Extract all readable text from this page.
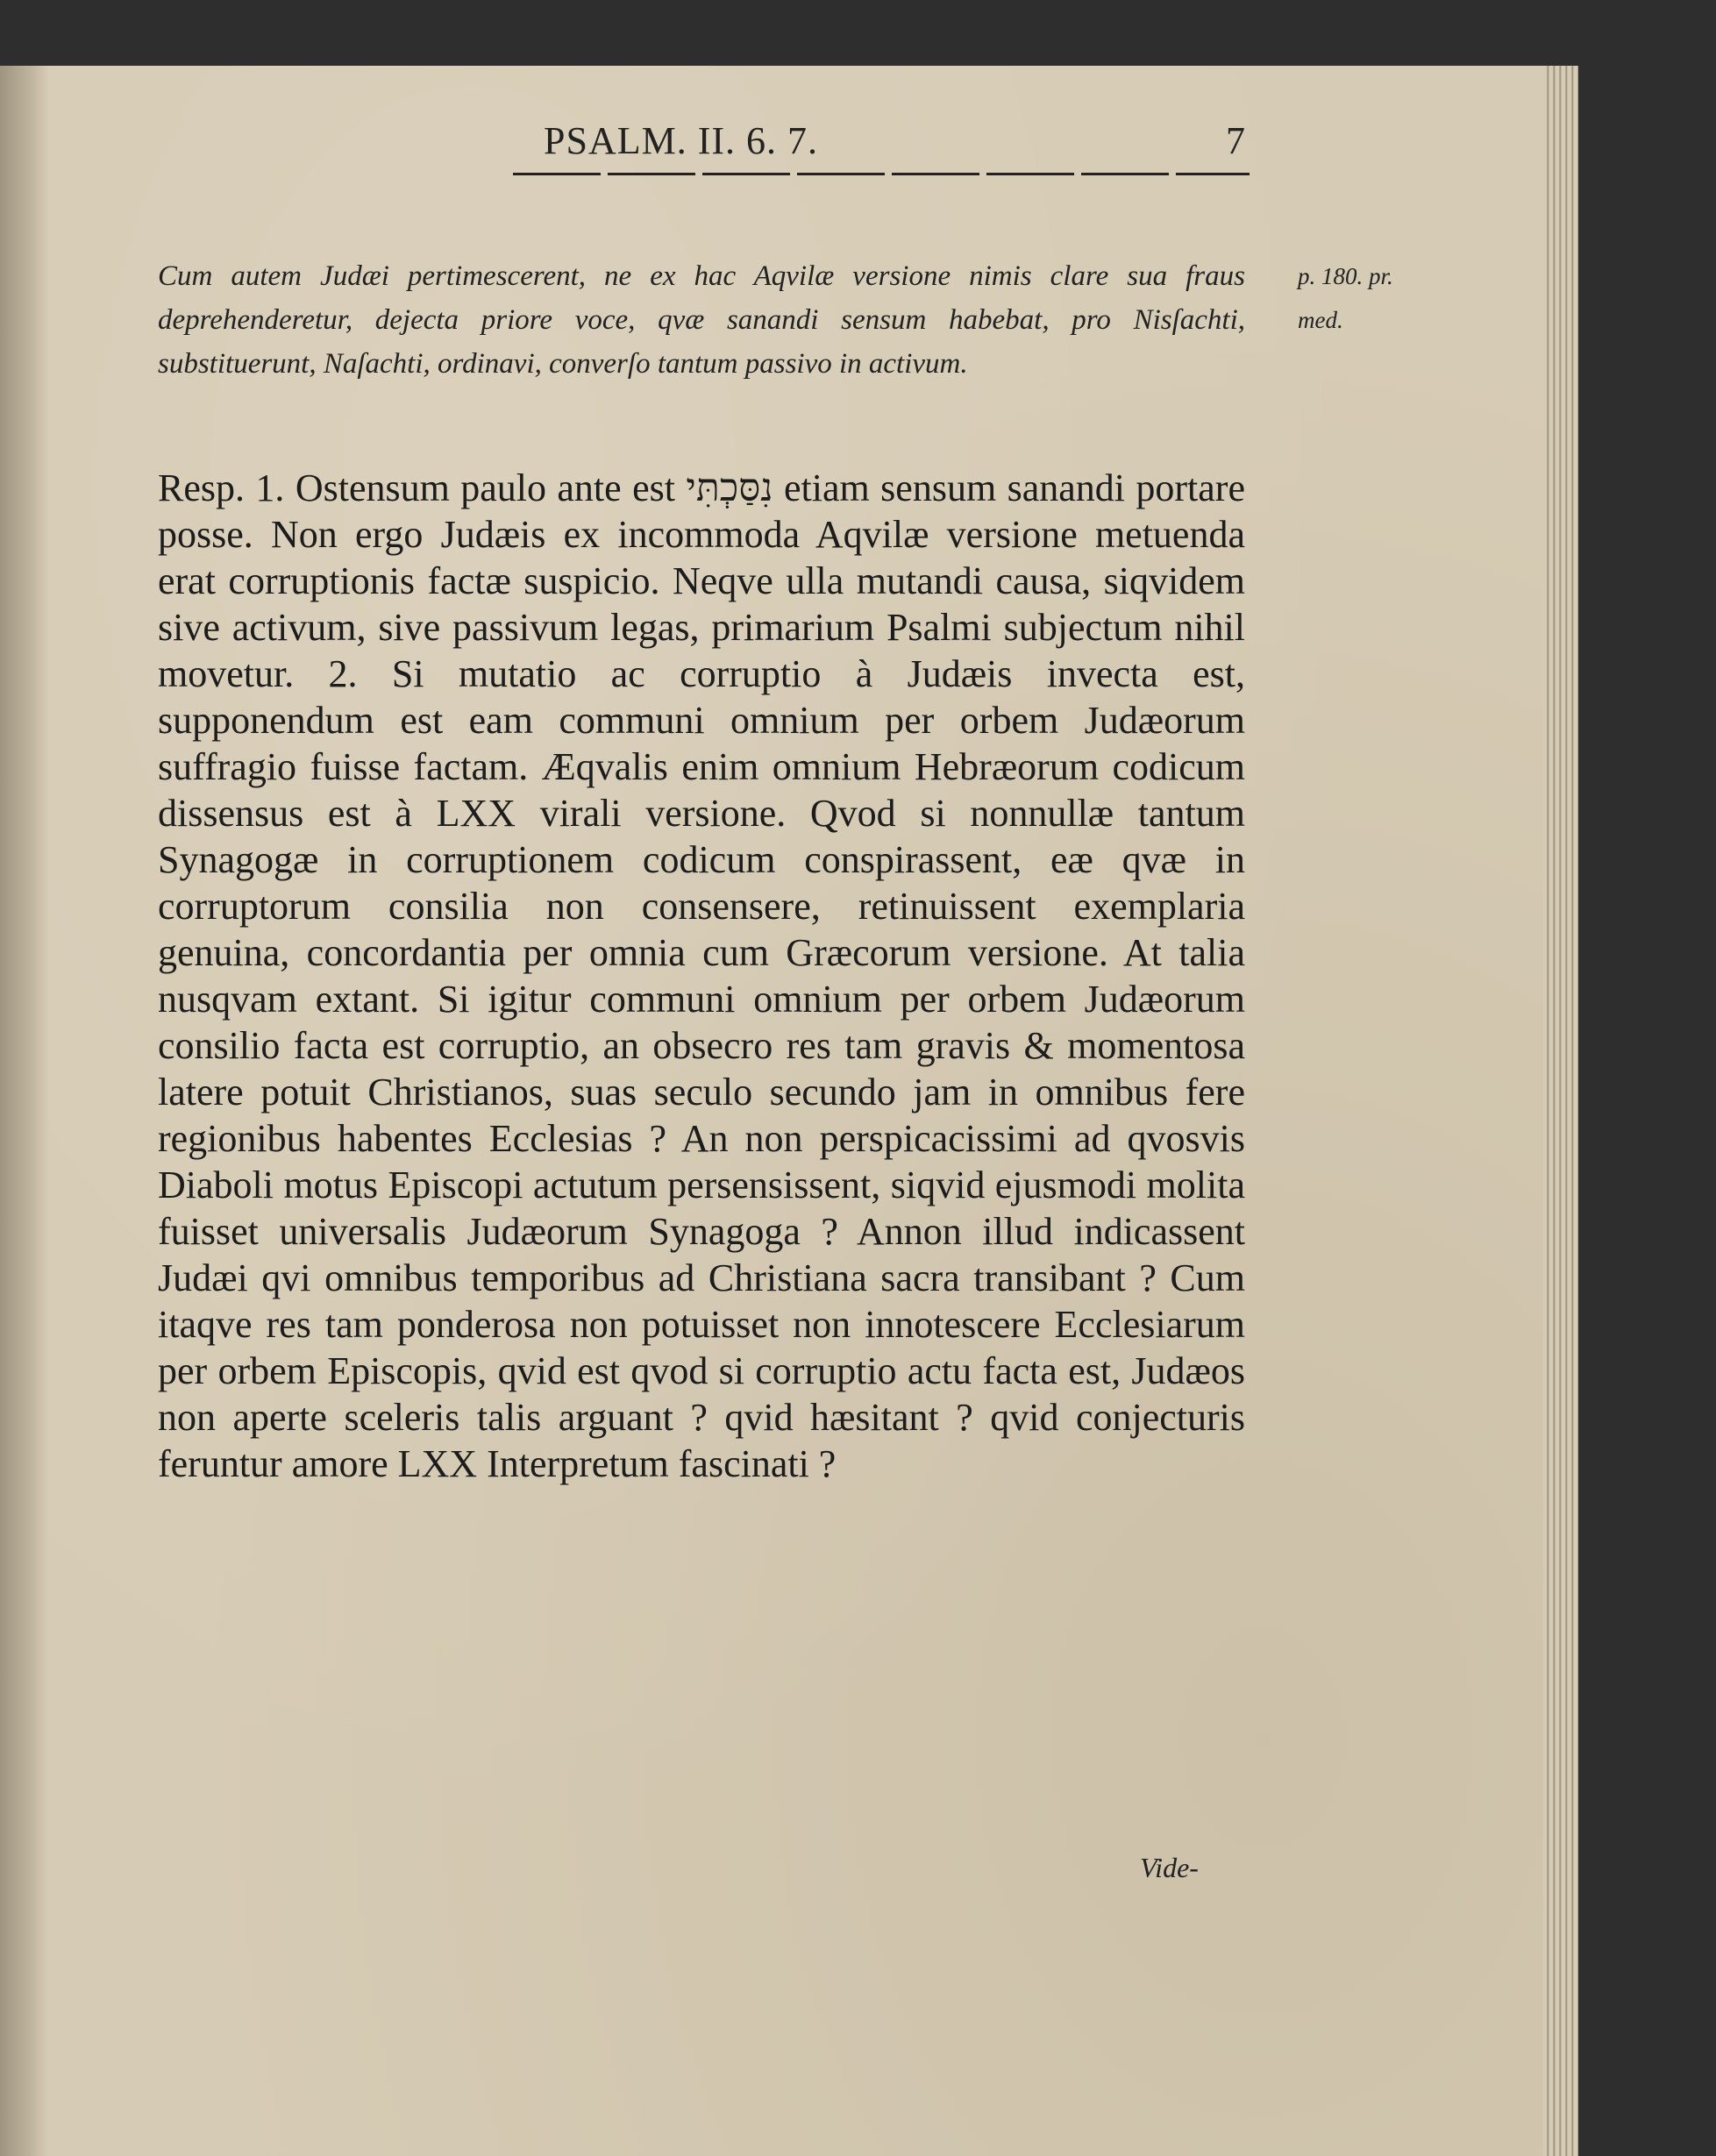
PSALM. II. 6. 7.	7

Cum autem Judæi pertimescerent, ne ex hac Aqvilæ versione nimis clare sua fraus deprehenderetur, dejecta priore voce, qvæ sanandi sensum habebat, pro Nisſachti, substituerunt, Naſachti, ordinavi, converſo tantum passivo in activum.

p. 180. pr. med.

Resp. 1. Ostensum paulo ante est נִסַּכְתִּי etiam sensum sanandi portare posse. Non ergo Judæis ex incommoda Aqvilæ versione metuenda erat corruptionis factæ suspicio. Neqve ulla mutandi causa, siqvidem sive activum, sive passivum legas, primarium Psalmi subjectum nihil movetur. 2. Si mutatio ac corruptio à Judæis invecta est, supponendum est eam communi omnium per orbem Judæorum suffragio fuisse factam. Æqvalis enim omnium Hebræorum codicum dissensus est à LXX virali versione. Qvod si nonnullæ tantum Synagogæ in corruptionem codicum conspirassent, eæ qvæ in corruptorum consilia non consensere, retinuissent exemplaria genuina, concordantia per omnia cum Græcorum versione. At talia nusqvam extant. Si igitur communi omnium per orbem Judæorum consilio facta est corruptio, an obsecro res tam gravis & momentosa latere potuit Christianos, suas seculo secundo jam in omnibus fere regionibus habentes Ecclesias ? An non perspicacissimi ad qvosvis Diaboli motus Episcopi actutum persensissent, siqvid ejusmodi molita fuisset universalis Judæorum Synagoga ? Annon illud indicassent Judæi qvi omnibus temporibus ad Christiana sacra transibant ? Cum itaqve res tam ponderosa non potuisset non innotescere Ecclesiarum per orbem Episcopis, qvid est qvod si corruptio actu facta est, Judæos non aperte sceleris talis arguant ? qvid hæsitant ? qvid conjecturis feruntur amore LXX Interpretum fascinati ?

Vide-
